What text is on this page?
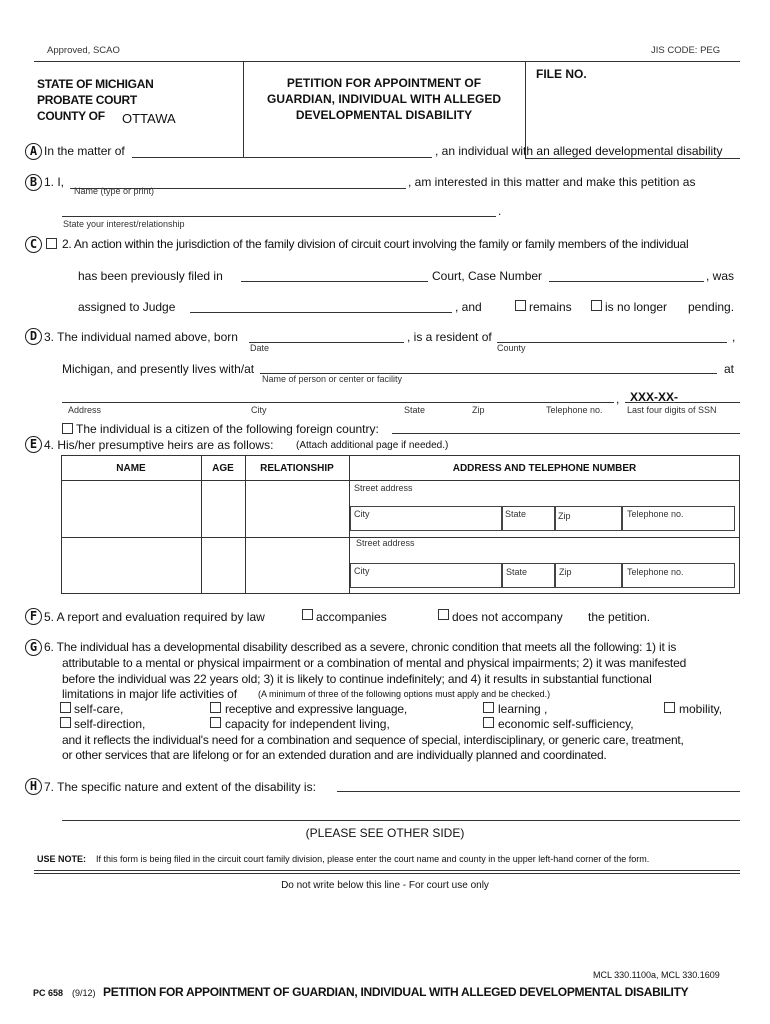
Approved, SCAO	JIS CODE: PEG
STATE OF MICHIGAN
PROBATE COURT
COUNTY OF OTTAWA
PETITION FOR APPOINTMENT OF
GUARDIAN, INDIVIDUAL WITH ALLEGED
DEVELOPMENTAL DISABILITY
FILE NO.
A In the matter of	, an individual with an alleged developmental disability
B 1. I,	, am interested in this matter and make this petition as
Name (type or print)
.
State your interest/relationship
C	2. An action within the jurisdiction of the family division of circuit court involving the family or family members of the individual
has been previously filed in	Court, Case Number	, was
assigned to Judge	, and	remains	is no longer pending.
D 3. The individual named above, born	, is a resident of	,
Date	County
Michigan, and presently lives with/at	at
Name of person or center or facility
, XXX-XX-
Address	City	State	Zip	Telephone no.	Last four digits of SSN
The individual is a citizen of the following foreign country:
E 4. His/her presumptive heirs are as follows: (Attach additional page if needed.)
NAME	AGE	RELATIONSHIP	ADDRESS AND TELEPHONE NUMBER
Street address
City	State	Zip	Telephone no.
Street address
City	State	Zip	Telephone no.
F 5. A report and evaluation required by law	accompanies	does not accompany the petition.
G 6. The individual has a developmental disability described as a severe, chronic condition that meets all the following: 1) it is
attributable to a mental or physical impairment or a combination of mental and physical impairments; 2) it was manifested
before the individual was 22 years old; 3) it is likely to continue indefinitely; and 4) it results in substantial functional
limitations in major life activities of (A minimum of three of the following options must apply and be checked.)
self-care,	receptive and expressive language,	learning ,	mobility,
self-direction,	capacity for independent living,	economic self-sufficiency,
and it reflects the individual's need for a combination and sequence of special, interdisciplinary, or generic care, treatment,
or other services that are lifelong or for an extended duration and are individually planned and coordinated.
H 7. The specific nature and extent of the disability is:
(PLEASE SEE OTHER SIDE)
USE NOTE: If this form is being filed in the circuit court family division, please enter the court name and county in the upper left-hand corner of the form.
Do not write below this line - For court use only
MCL 330.1100a, MCL 330.1609
PC 658 (9/12) PETITION FOR APPOINTMENT OF GUARDIAN, INDIVIDUAL WITH ALLEGED DEVELOPMENTAL DISABILITY
